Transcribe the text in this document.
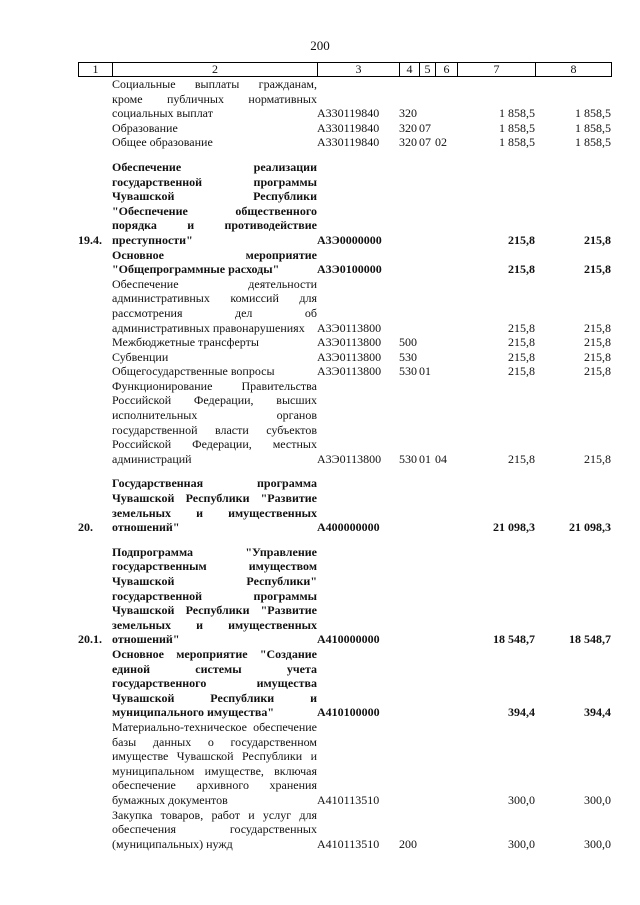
200
1	2	3	4	5	6	7	8
	Социальные выплаты гражданам, кроме публичных нормативных социальных выплат	А330119840	320			1 858,5	1 858,5
	Образование	А330119840	320	07		1 858,5	1 858,5
	Общее образование	А330119840	320	07	02	1 858,5	1 858,5

19.4.	Обеспечение реализации государственной программы Чувашской Республики "Обеспечение общественного порядка и противодействие преступности"	А3Э0000000				215,8	215,8
	Основное мероприятие "Общепрограммные расходы"	А3Э0100000				215,8	215,8
	Обеспечение деятельности административных комиссий для рассмотрения дел об административных правонарушениях	А3Э0113800				215,8	215,8
	Межбюджетные трансферты	А3Э0113800	500			215,8	215,8
	Субвенции	А3Э0113800	530			215,8	215,8
	Общегосударственные вопросы	А3Э0113800	530	01		215,8	215,8
	Функционирование Правительства Российской Федерации, высших исполнительных органов государственной власти субъектов Российской Федерации, местных администраций	А3Э0113800	530	01	04	215,8	215,8

20.	Государственная программа Чувашской Республики "Развитие земельных и имущественных отношений"	А400000000				21 098,3	21 098,3

20.1.	Подпрограмма "Управление государственным имуществом Чувашской Республики" государственной программы Чувашской Республики "Развитие земельных и имущественных отношений"	А410000000				18 548,7	18 548,7
	Основное мероприятие "Создание единой системы учета государственного имущества Чувашской Республики и муниципального имущества"	А410100000				394,4	394,4
	Материально-техническое обеспечение базы данных о государственном имуществе Чувашской Республики и муниципальном имуществе, включая обеспечение архивного хранения бумажных документов	А410113510				300,0	300,0
	Закупка товаров, работ и услуг для обеспечения государственных (муниципальных) нужд	А410113510	200			300,0	300,0
